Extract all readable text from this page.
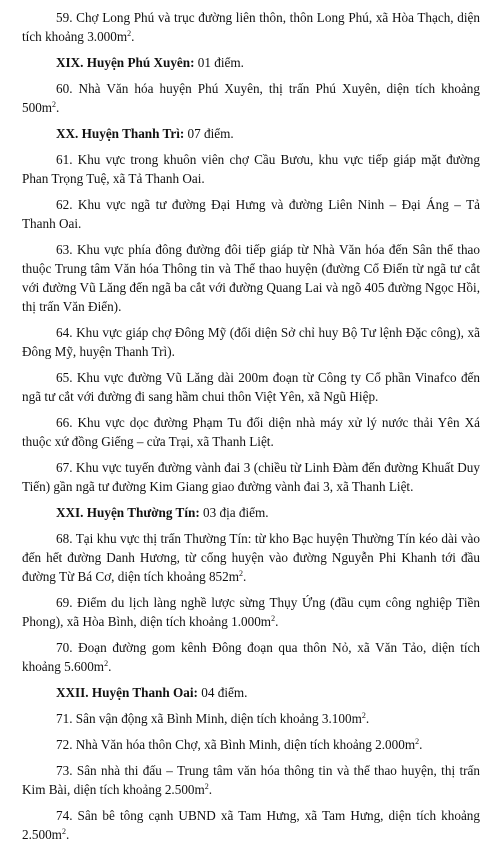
59. Chợ Long Phú và trục đường liên thôn, thôn Long Phú, xã Hòa Thạch, diện tích khoảng $3.000m^2$.
XIX. Huyện Phú Xuyên: 01 điểm.
60. Nhà Văn hóa huyện Phú Xuyên, thị trấn Phú Xuyên, diện tích khoảng $500m^2$.
XX. Huyện Thanh Trì: 07 điểm.
61. Khu vực trong khuôn viên chợ Cầu Bươu, khu vực tiếp giáp mặt đường Phan Trọng Tuệ, xã Tả Thanh Oai.
62. Khu vực ngã tư đường Đại Hưng và đường Liên Ninh – Đại Áng – Tả Thanh Oai.
63. Khu vực phía đông đường đôi tiếp giáp từ Nhà Văn hóa đến Sân thể thao thuộc Trung tâm Văn hóa Thông tin và Thể thao huyện (đường Cổ Điển từ ngã tư cắt với đường Vũ Lăng đến ngã ba cắt với đường Quang Lai và ngõ 405 đường Ngọc Hồi, thị trấn Văn Điển).
64. Khu vực giáp chợ Đông Mỹ (đối diện Sở chỉ huy Bộ Tư lệnh Đặc công), xã Đông Mỹ, huyện Thanh Trì).
65. Khu vực đường Vũ Lăng dài 200m đoạn từ Công ty Cổ phần Vinafco đến ngã tư cắt với đường đi sang hầm chui thôn Việt Yên, xã Ngũ Hiệp.
66. Khu vực dọc đường Phạm Tu đối diện nhà máy xử lý nước thải Yên Xá thuộc xứ đồng Giếng – cửa Trại, xã Thanh Liệt.
67. Khu vực tuyến đường vành đai 3 (chiều từ Linh Đàm đến đường Khuất Duy Tiến) gần ngã tư đường Kim Giang giao đường vành đai 3, xã Thanh Liệt.
XXI. Huyện Thường Tín: 03 địa điểm.
68. Tại khu vực thị trấn Thường Tín: từ kho Bạc huyện Thường Tín kéo dài vào đến hết đường Danh Hương, từ cổng huyện vào đường Nguyễn Phi Khanh tới đầu đường Từ Bá Cơ, diện tích khoảng $852m^2$.
69. Điểm du lịch làng nghề lược sừng Thụy Ứng (đầu cụm công nghiệp Tiền Phong), xã Hòa Bình, diện tích khoảng $1.000m^2$.
70. Đoạn đường gom kênh Đông đoạn qua thôn Nỏ, xã Văn Tảo, diện tích khoảng $5.600m^2$.
XXII. Huyện Thanh Oai: 04 điểm.
71. Sân vận động xã Bình Minh, diện tích khoảng $3.100m^2$.
72. Nhà Văn hóa thôn Chợ, xã Bình Minh, diện tích khoảng $2.000m^2$.
73. Sân nhà thi đấu – Trung tâm văn hóa thông tin và thể thao huyện, thị trấn Kim Bài, diện tích khoảng $2.500m^2$.
74. Sân bê tông cạnh UBND xã Tam Hưng, xã Tam Hưng, diện tích khoảng $2.500m^2$.
